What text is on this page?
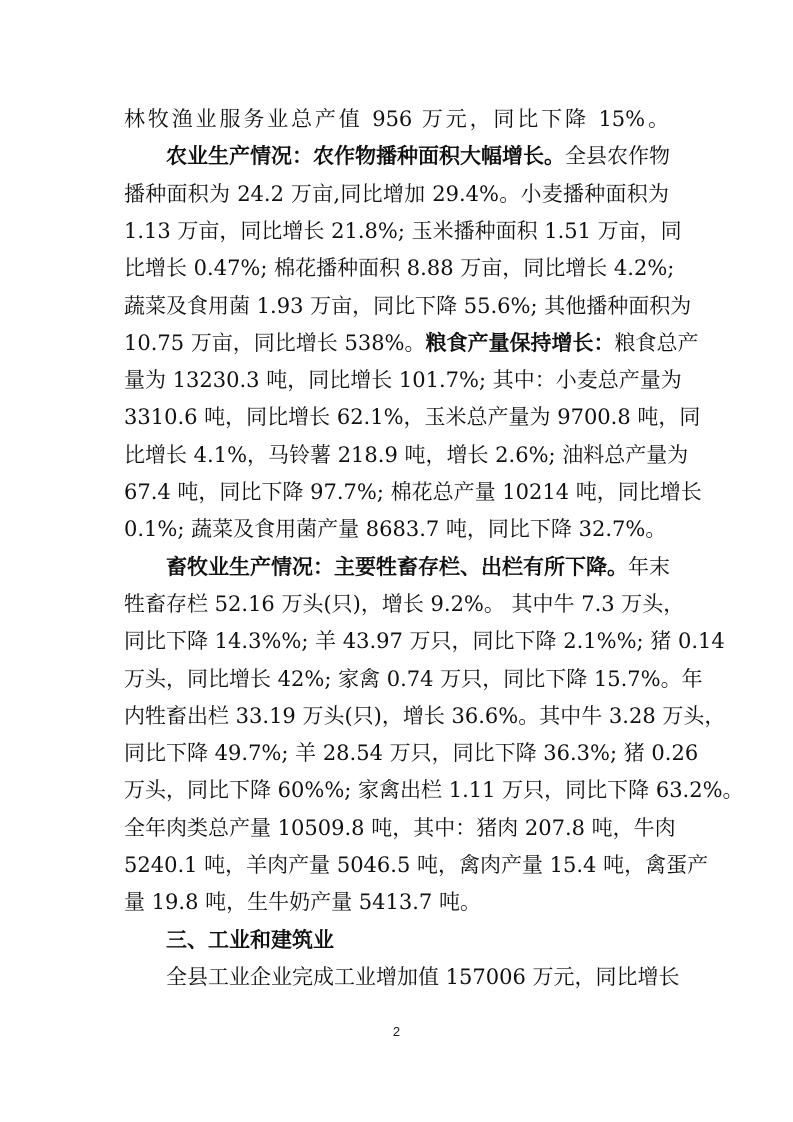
林牧渔业服务业总产值 956 万元，同比下降 15%。
农业生产情况：农作物播种面积大幅增长。全县农作物
播种面积为 24.2 万亩,同比增加 29.4%。小麦播种面积为
1.13 万亩，同比增长 21.8%; 玉米播种面积 1.51 万亩，同
比增长 0.47%; 棉花播种面积 8.88 万亩，同比增长 4.2%;
蔬菜及食用菌 1.93 万亩，同比下降 55.6%; 其他播种面积为
10.75 万亩，同比增长 538%。粮食产量保持增长：粮食总产
量为 13230.3 吨，同比增长 101.7%; 其中：小麦总产量为
3310.6 吨，同比增长 62.1%，玉米总产量为 9700.8 吨，同
比增长 4.1%，马铃薯 218.9 吨，增长 2.6%; 油料总产量为
67.4 吨，同比下降 97.7%; 棉花总产量 10214 吨，同比增长
0.1%; 蔬菜及食用菌产量 8683.7 吨，同比下降 32.7%。
畜牧业生产情况：主要牲畜存栏、出栏有所下降。年末
牲畜存栏 52.16 万头(只)，增长 9.2%。 其中牛 7.3 万头，
同比下降 14.3%%; 羊 43.97 万只，同比下降 2.1%%; 猪 0.14
万头，同比增长 42%; 家禽 0.74 万只，同比下降 15.7%。年
内牲畜出栏 33.19 万头(只)，增长 36.6%。其中牛 3.28 万头，
同比下降 49.7%; 羊 28.54 万只，同比下降 36.3%; 猪 0.26
万头，同比下降 60%%; 家禽出栏 1.11 万只，同比下降 63.2%。
全年肉类总产量 10509.8 吨，其中：猪肉 207.8 吨，牛肉
5240.1 吨，羊肉产量 5046.5 吨，禽肉产量 15.4 吨，禽蛋产
量 19.8 吨，生牛奶产量 5413.7 吨。
三、工业和建筑业
全县工业企业完成工业增加值 157006 万元，同比增长
2
